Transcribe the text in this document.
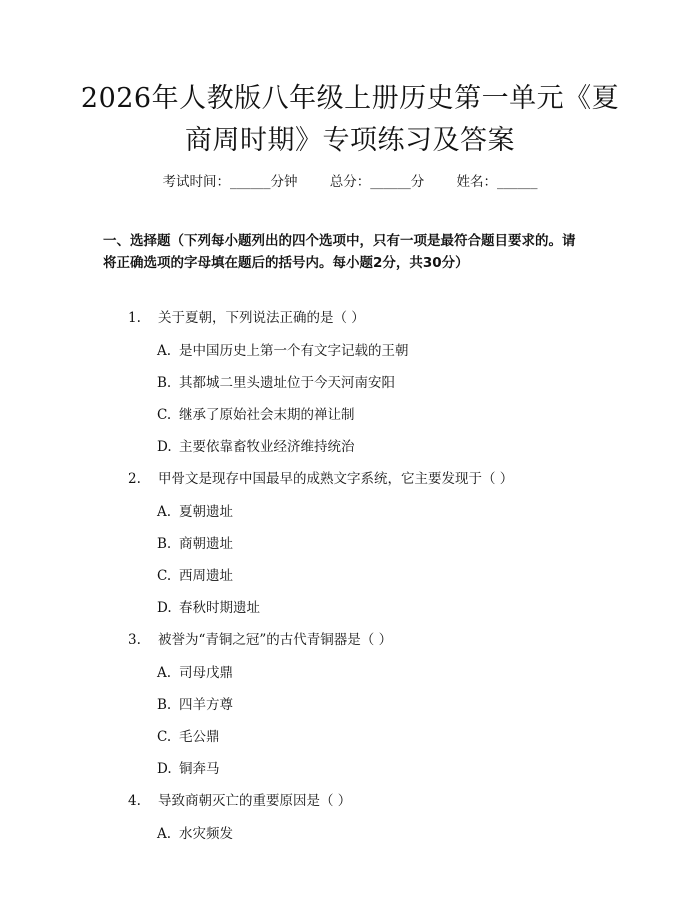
2026年人教版八年级上册历史第一单元《夏
商周时期》专项练习及答案
考试时间：______分钟 总分：______分 姓名：______
一、选择题（下列每小题列出的四个选项中，只有一项是最符合题目要求的。请
将正确选项的字母填在题后的括号内。每小题2分，共30分）
1. 关于夏朝，下列说法正确的是（ ）
A. 是中国历史上第一个有文字记载的王朝
B. 其都城二里头遗址位于今天河南安阳
C. 继承了原始社会末期的禅让制
D. 主要依靠畜牧业经济维持统治
2. 甲骨文是现存中国最早的成熟文字系统，它主要发现于（ ）
A. 夏朝遗址
B. 商朝遗址
C. 西周遗址
D. 春秋时期遗址
3. 被誉为“青铜之冠”的古代青铜器是（ ）
A. 司母戊鼎
B. 四羊方尊
C. 毛公鼎
D. 铜奔马
4. 导致商朝灭亡的重要原因是（ ）
A. 水灾频发
